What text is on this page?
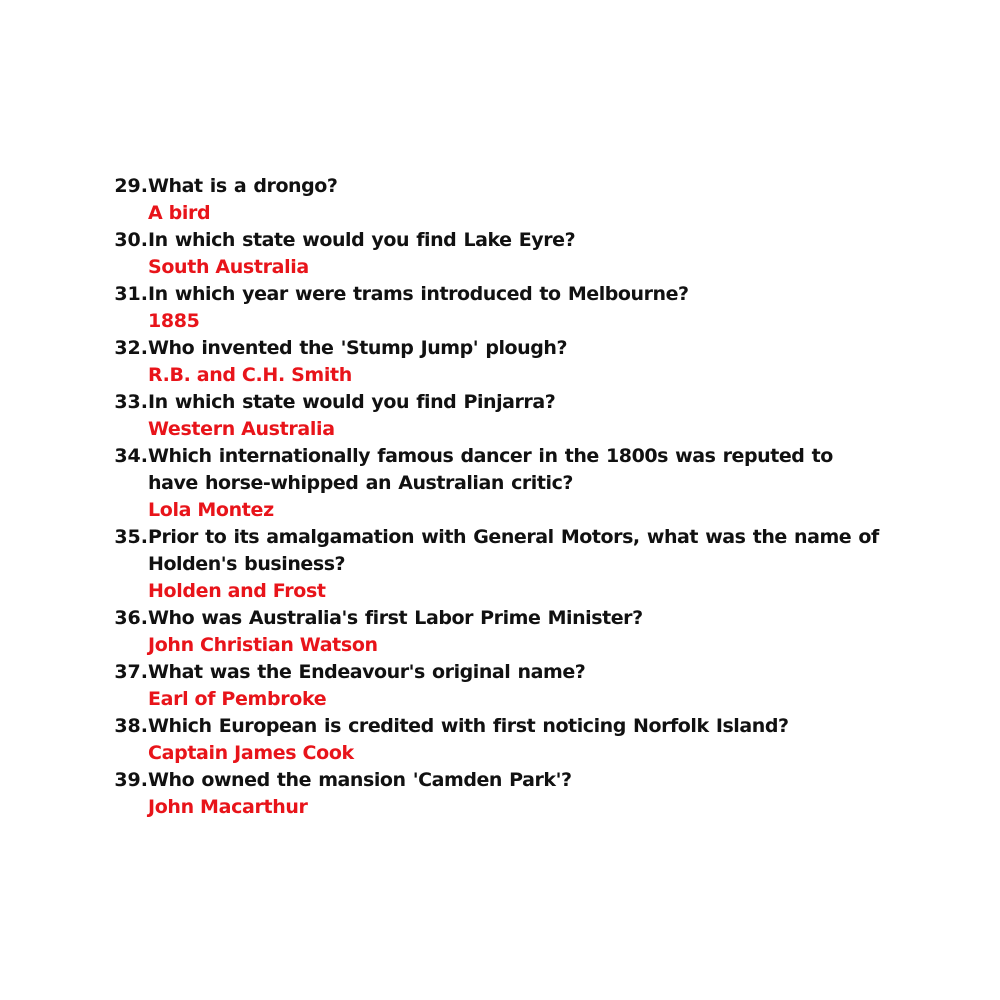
29. What is a drongo?
A bird
30. In which state would you find Lake Eyre?
South Australia
31. In which year were trams introduced to Melbourne?
1885
32. Who invented the 'Stump Jump' plough?
R.B. and C.H. Smith
33. In which state would you find Pinjarra?
Western Australia
34. Which internationally famous dancer in the 1800s was reputed to have horse-whipped an Australian critic?
Lola Montez
35. Prior to its amalgamation with General Motors, what was the name of Holden's business?
Holden and Frost
36. Who was Australia's first Labor Prime Minister?
John Christian Watson
37. What was the Endeavour's original name?
Earl of Pembroke
38. Which European is credited with first noticing Norfolk Island?
Captain James Cook
39. Who owned the mansion 'Camden Park'?
John Macarthur
